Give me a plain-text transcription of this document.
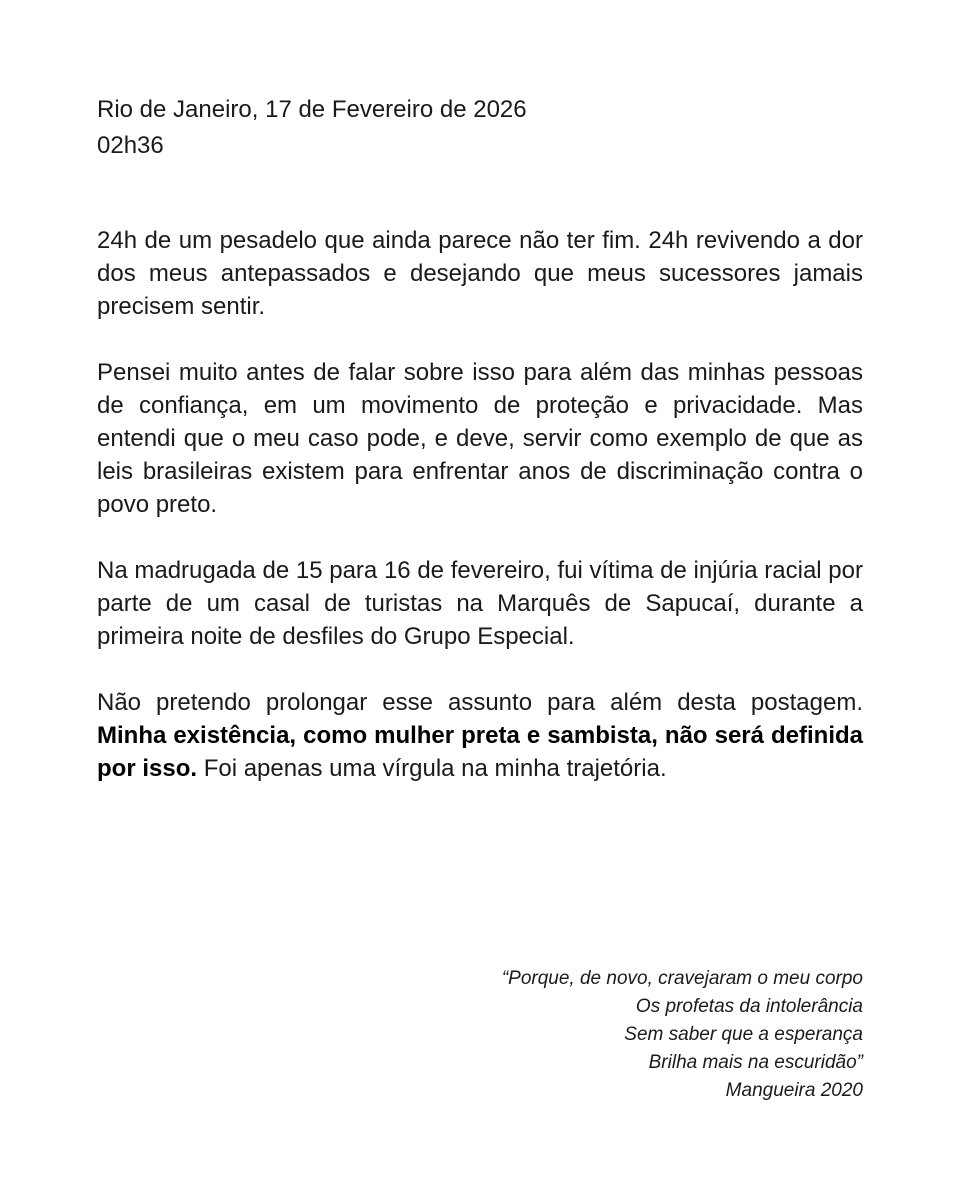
Rio de Janeiro, 17 de Fevereiro de 2026
02h36

24h de um pesadelo que ainda parece não ter fim. 24h revivendo a dor dos meus antepassados e desejando que meus sucessores jamais precisem sentir.

Pensei muito antes de falar sobre isso para além das minhas pessoas de confiança, em um movimento de proteção e privacidade. Mas entendi que o meu caso pode, e deve, servir como exemplo de que as leis brasileiras existem para enfrentar anos de discriminação contra o povo preto.

Na madrugada de 15 para 16 de fevereiro, fui vítima de injúria racial por parte de um casal de turistas na Marquês de Sapucaí, durante a primeira noite de desfiles do Grupo Especial.

Não pretendo prolongar esse assunto para além desta postagem. Minha existência, como mulher preta e sambista, não será definida por isso. Foi apenas uma vírgula na minha trajetória.

“Porque, de novo, cravejaram o meu corpo
Os profetas da intolerância
Sem saber que a esperança
Brilha mais na escuridão”
Mangueira 2020
